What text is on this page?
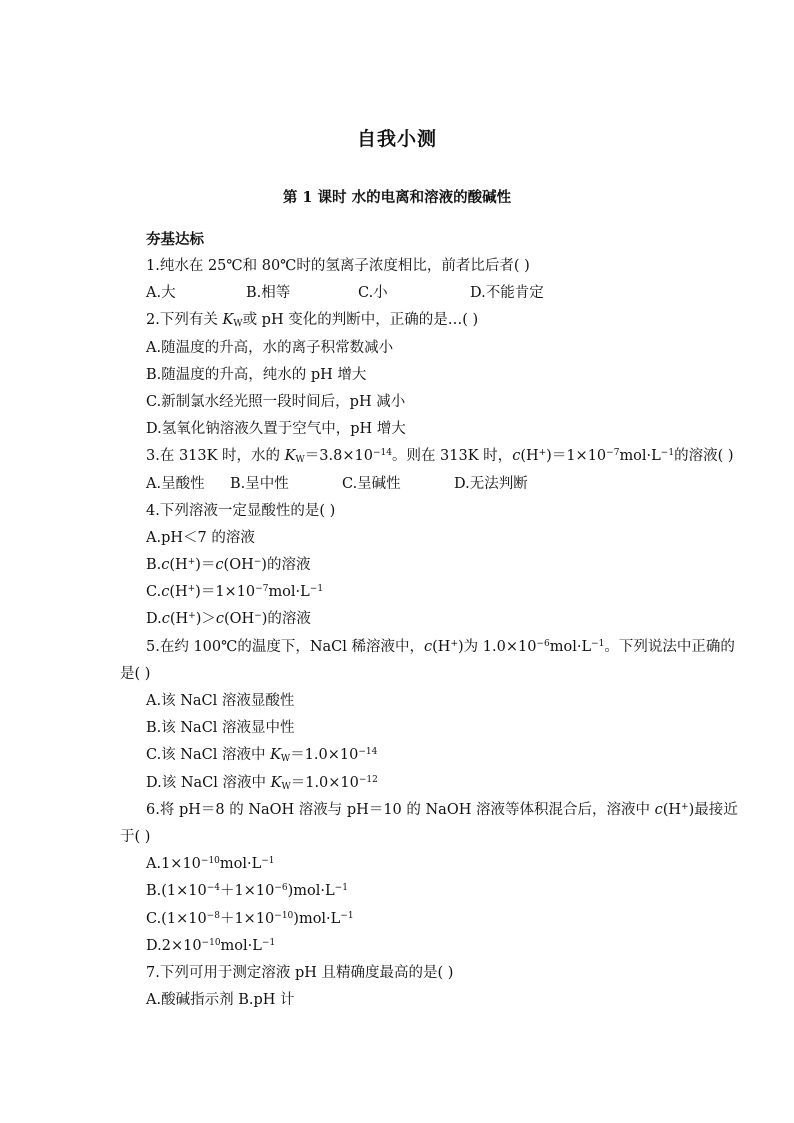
自我小测
第 1 课时 水的电离和溶液的酸碱性
夯基达标
1.纯水在 25℃和 80℃时的氢离子浓度相比，前者比后者( )
A.大	B.相等	C.小	D.不能肯定
2.下列有关 $K_W$或 pH 变化的判断中，正确的是…( )
A.随温度的升高，水的离子积常数减小
B.随温度的升高，纯水的 pH 增大
C.新制氯水经光照一段时间后，pH 减小
D.氢氧化钠溶液久置于空气中，pH 增大
3.在 313K 时，水的 $K_W=3.8\times 10^{-14}$。则在 313K 时，$c(H^+)=1\times 10^{-7}mol\cdot L^{-1}$的溶液( )
A.呈酸性	B.呈中性	C.呈碱性	D.无法判断
4.下列溶液一定显酸性的是( )
A.pH＜7 的溶液
B.c(H+)＝c(OH−)的溶液
$C.c(H^+)=1\times 10^{-7}mol\cdot L^{-1}$
D.c(H+)＞c(OH−)的溶液
5.在约 100℃的温度下，NaCl 稀溶液中，c(H+)为 $1.0\times 10^{-6}mol\cdot L^{-1}$。下列说法中正确的
是( )
A.该 NaCl 溶液显酸性
B.该 NaCl 溶液显中性
C.该 NaCl 溶液中 $K_W=1.0\times 10^{-14}$
D.该 NaCl 溶液中 $K_W=1.0\times 10^{-12}$
6.将 pH＝8 的 NaOH 溶液与 pH＝10 的 NaOH 溶液等体积混合后，溶液中 c(H+)最接近
于( )
$A.1\times 10^{-10}mol\cdot L^{-1}$
$B.(1\times 10^{-4}+1\times 10^{-6})mol\cdot L^{-1}$
$C.(1\times 10^{-8}+1\times 10^{-10})mol\cdot L^{-1}$
$D.2\times 10^{-10}mol\cdot L^{-1}$
7.下列可用于测定溶液 pH 且精确度最高的是( )
A.酸碱指示剂 B.pH 计
